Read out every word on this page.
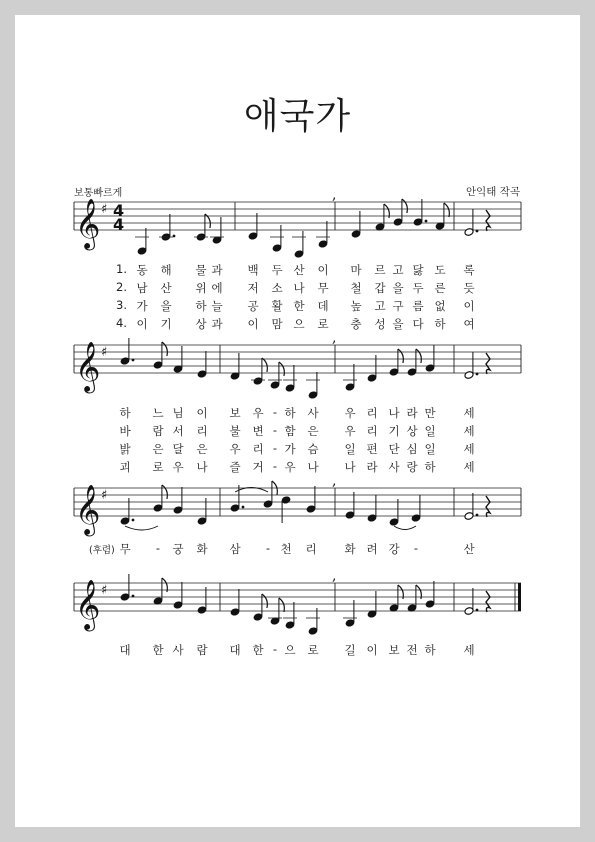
애국가
보통빠르게	안익태 작곡
𝄞 ♯ 4
4
,
𝄞 ♯
,
𝄞 ♯
,
𝄞 ♯
,
1. 동 해 물 과 백 두 산 이 마 르 고 닳 도 록
2. 남 산 위 에 저 소 나 무 철 갑 을 두 른 듯
3. 가 을 하 늘 공 활 한 데 높 고 구 름 없 이
4. 이 기 상 과 이 맘 으 로 충 성 을 다 하 여
하 느 님 이 보 우 - 하 사 우 리 나 라 만 세
바 람 서 리 불 변 - 함 은 우 리 기 상 일 세
밝 은 달 은 우 리 - 가 슴 일 편 단 심 일 세
괴 로 우 나 즐 거 - 우 나 나 라 사 랑 하 세
무 - 궁 화 삼 - 천 리 화 려 강 -	산
대 한 사 람 대 한 - 으 로 길 이 보 전 하 세
(후렴)
